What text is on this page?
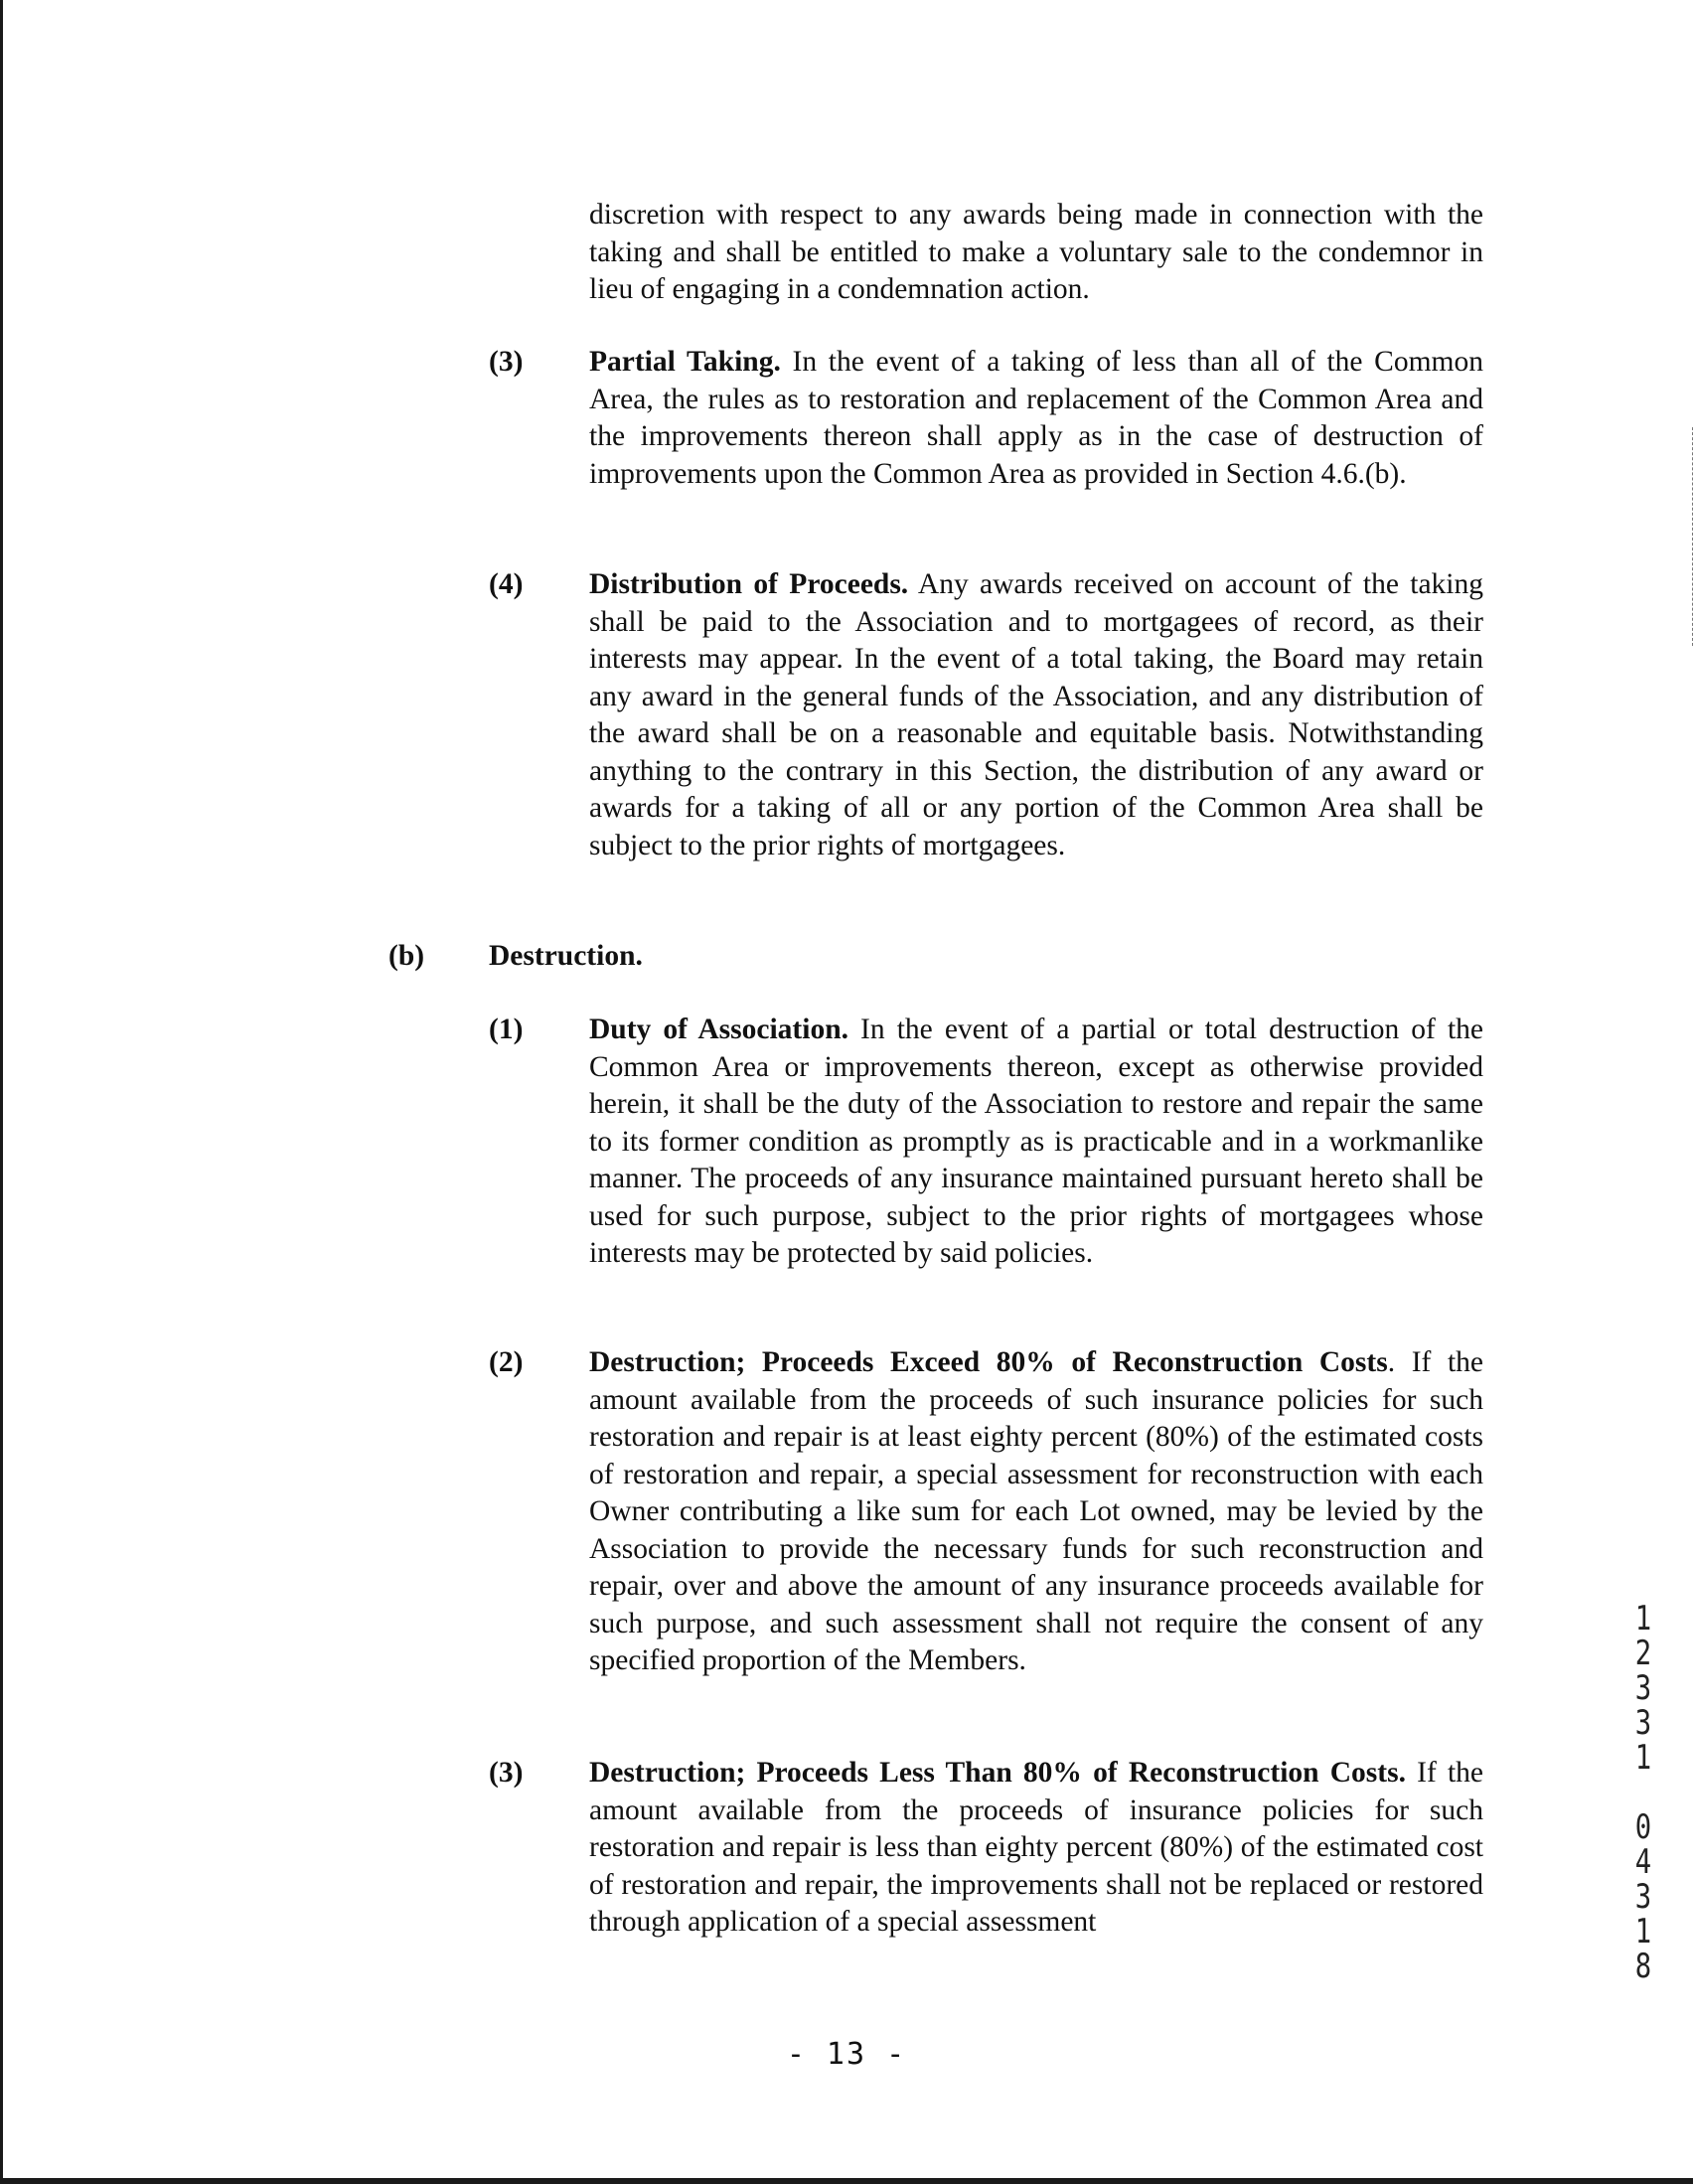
discretion with respect to any awards being made in connection with the taking and shall be entitled to make a voluntary sale to the condemnor in lieu of engaging in a condemnation action.

(3) Partial Taking. In the event of a taking of less than all of the Common Area, the rules as to restoration and replacement of the Common Area and the improvements thereon shall apply as in the case of destruction of improvements upon the Common Area as provided in Section 4.6.(b).

(4) Distribution of Proceeds. Any awards received on account of the taking shall be paid to the Association and to mortgagees of record, as their interests may appear. In the event of a total taking, the Board may retain any award in the general funds of the Association, and any distribution of the award shall be on a reasonable and equitable basis. Notwithstanding anything to the contrary in this Section, the distribution of any award or awards for a taking of all or any portion of the Common Area shall be subject to the prior rights of mortgagees.

(b) Destruction.

(1) Duty of Association. In the event of a partial or total destruction of the Common Area or improvements thereon, except as otherwise provided herein, it shall be the duty of the Association to restore and repair the same to its former condition as promptly as is practicable and in a workmanlike manner. The proceeds of any insurance maintained pursuant hereto shall be used for such purpose, subject to the prior rights of mortgagees whose interests may be protected by said policies.

(2) Destruction; Proceeds Exceed 80% of Reconstruction Costs. If the amount available from the proceeds of such insurance policies for such restoration and repair is at least eighty percent (80%) of the estimated costs of restoration and repair, a special assessment for reconstruction with each Owner contributing a like sum for each Lot owned, may be levied by the Association to provide the necessary funds for such reconstruction and repair, over and above the amount of any insurance proceeds available for such purpose, and such assessment shall not require the consent of any specified proportion of the Members.

(3) Destruction; Proceeds Less Than 80% of Reconstruction Costs. If the amount available from the proceeds of insurance policies for such restoration and repair is less than eighty percent (80%) of the estimated cost of restoration and repair, the improvements shall not be replaced or restored through application of a special assessment

- 13 -
1
2
3
3
1
0
4
3
1
8
